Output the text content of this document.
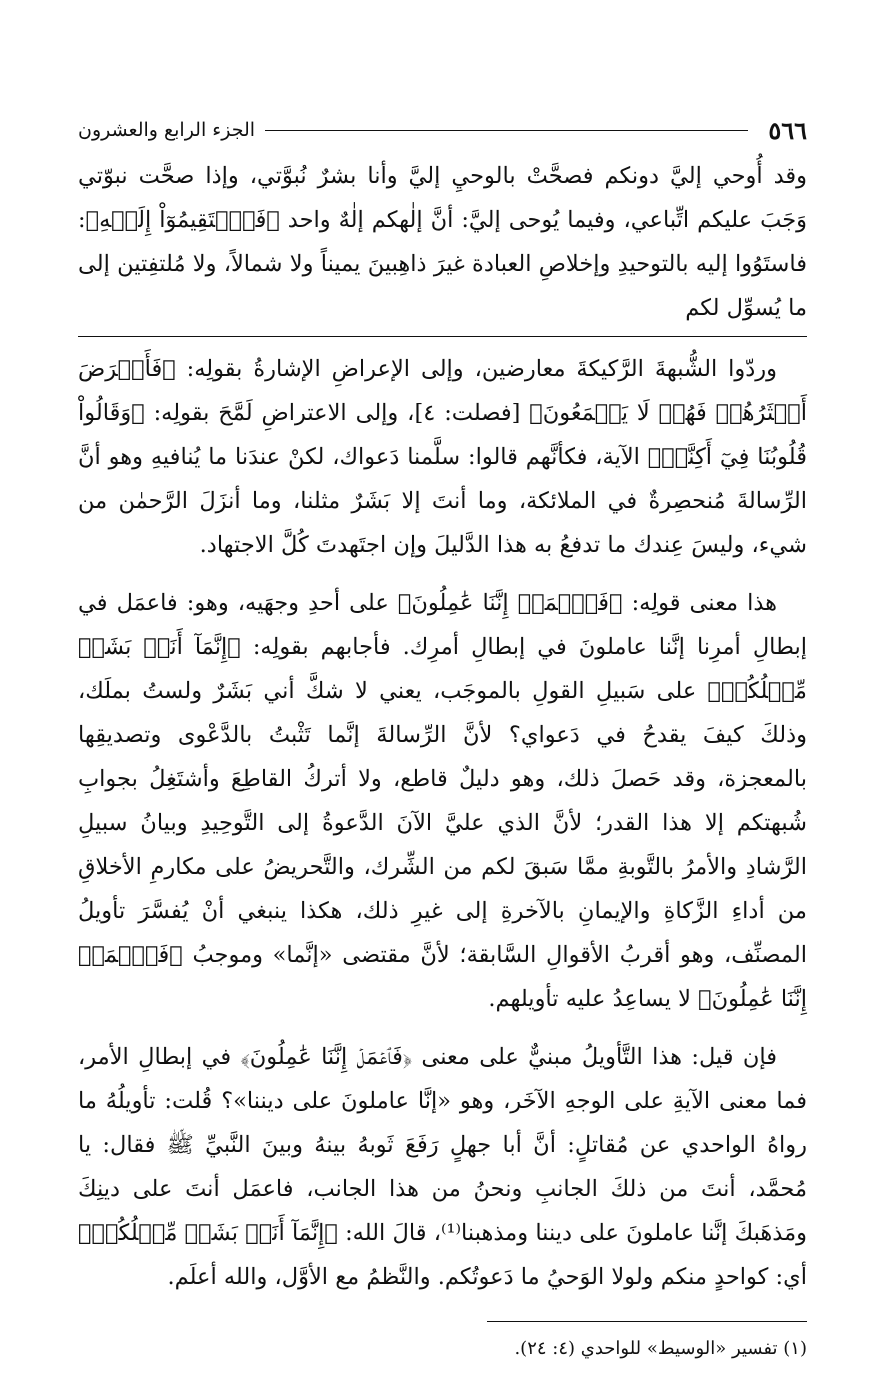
٥٦٦
الجزء الرابع والعشرون

وقد أُوحي إليَّ دونكم فصحَّتْ بالوحيِ إليَّ وأنا بشرٌ نُبوَّتي، وإذا صحَّت نبوّتي وَجَبَ عليكم اتِّباعي، وفيما يُوحى إليَّ: أنَّ إلٰهكم إلٰهٌ واحد ﴿فَٱسۡتَقِيمُوٓاْ إِلَيۡهِ﴾: فاستَوُوا إليه بالتوحيدِ وإخلاصِ العبادة غيرَ ذاهِبينَ يميناً ولا شمالاً، ولا مُلتفِتين إلى ما يُسوِّل لكم

وردّوا الشُّبهةَ الرَّكيكةَ معارضين، وإلى الإعراضِ الإشارةُ بقولِه: ﴿فَأَعۡرَضَ أَكۡثَرُهُمۡ فَهُمۡ لَا يَسۡمَعُونَ﴾ [فصلت: ٤]، وإلى الاعتراضِ لَمَّحَ بقولِه: ﴿وَقَالُواْ قُلُوبُنَا فِيٓ أَكِنَّةٖ﴾ الآية، فكأنَّهم قالوا: سلَّمنا دَعواك، لكنْ عندَنا ما يُنافيهِ وهو أنَّ الرِّسالةَ مُنحصِرةٌ في الملائكة، وما أنتَ إلا بَشَرٌ مثلنا، وما أنزَلَ الرَّحمٰن من شيء، وليسَ عِندك ما تدفعُ به هذا الدَّليلَ وإن اجتَهدتَ كُلَّ الاجتهاد.

هذا معنى قولِه: ﴿فَٱعۡمَلۡ إِنَّنَا عَٰمِلُونَ﴾ على أحدِ وجهَيه، وهو: فاعمَل في إبطالِ أمرِنا إنَّنا عاملونَ في إبطالِ أمرِك. فأجابهم بقولِه: ﴿إِنَّمَآ أَنَا۠ بَشَرٞ مِّثۡلُكُمۡ﴾ على سَبيلِ القولِ بالموجَب، يعني لا شكَّ أني بَشَرٌ ولستُ بملَك، وذلكَ كيفَ يقدحُ في دَعواي؟ لأنَّ الرِّسالةَ إنَّما تَثْبتُ بالدَّعْوى وتصديقِها بالمعجزة، وقد حَصلَ ذلك، وهو دليلٌ قاطع، ولا أتركُ القاطِعَ وأشتَغِلُ بجوابِ شُبهتكم إلا هذا القدر؛ لأنَّ الذي عليَّ الآنَ الدَّعوةُ إلى التَّوحِيدِ وبيانُ سبيلِ الرَّشادِ والأمرُ بالتَّوبةِ ممَّا سَبقَ لكم من الشِّرك، والتَّحريضُ على مكارمِ الأخلاقِ من أداءِ الزَّكاةِ والإيمانِ بالآخرةِ إلى غيرِ ذلك، هكذا ينبغي أنْ يُفسَّرَ تأويلُ المصنِّف، وهو أقربُ الأقوالِ السَّابقة؛ لأنَّ مقتضى «إنَّما» وموجبُ ﴿فَٱعۡمَلۡ إِنَّنَا عَٰمِلُونَ﴾ لا يساعِدُ عليه تأويلهم.

فإن قيل: هذا التَّأويلُ مبنيٌّ على معنى ﴿فَٱعۡمَلۡ إِنَّنَا عَٰمِلُونَ﴾ في إبطالِ الأمر، فما معنى الآيةِ على الوجهِ الآخَر، وهو «إنَّا عاملونَ على ديننا»؟ قُلت: تأويلُهُ ما رواهُ الواحدي عن مُقاتلٍ: أنَّ أبا جهلٍ رَفَعَ ثَوبهُ بينهُ وبينَ النَّبيِّ ﷺ فقال: يا مُحمَّد، أنتَ من ذلكَ الجانبِ ونحنُ من هذا الجانب، فاعمَل أنتَ على دينِكَ ومَذهَبكَ إنَّنا عاملونَ على ديننا ومذهبنا⁽¹⁾، قالَ الله: ﴿إِنَّمَآ أَنَا۠ بَشَرٞ مِّثۡلُكُمۡ﴾ أي: كواحدٍ منكم ولولا الوَحيُ ما دَعوتُكم. والنَّظمُ مع الأوَّل، والله أعلَم.

(١) تفسير «الوسيط» للواحدي (٤: ٢٤).
